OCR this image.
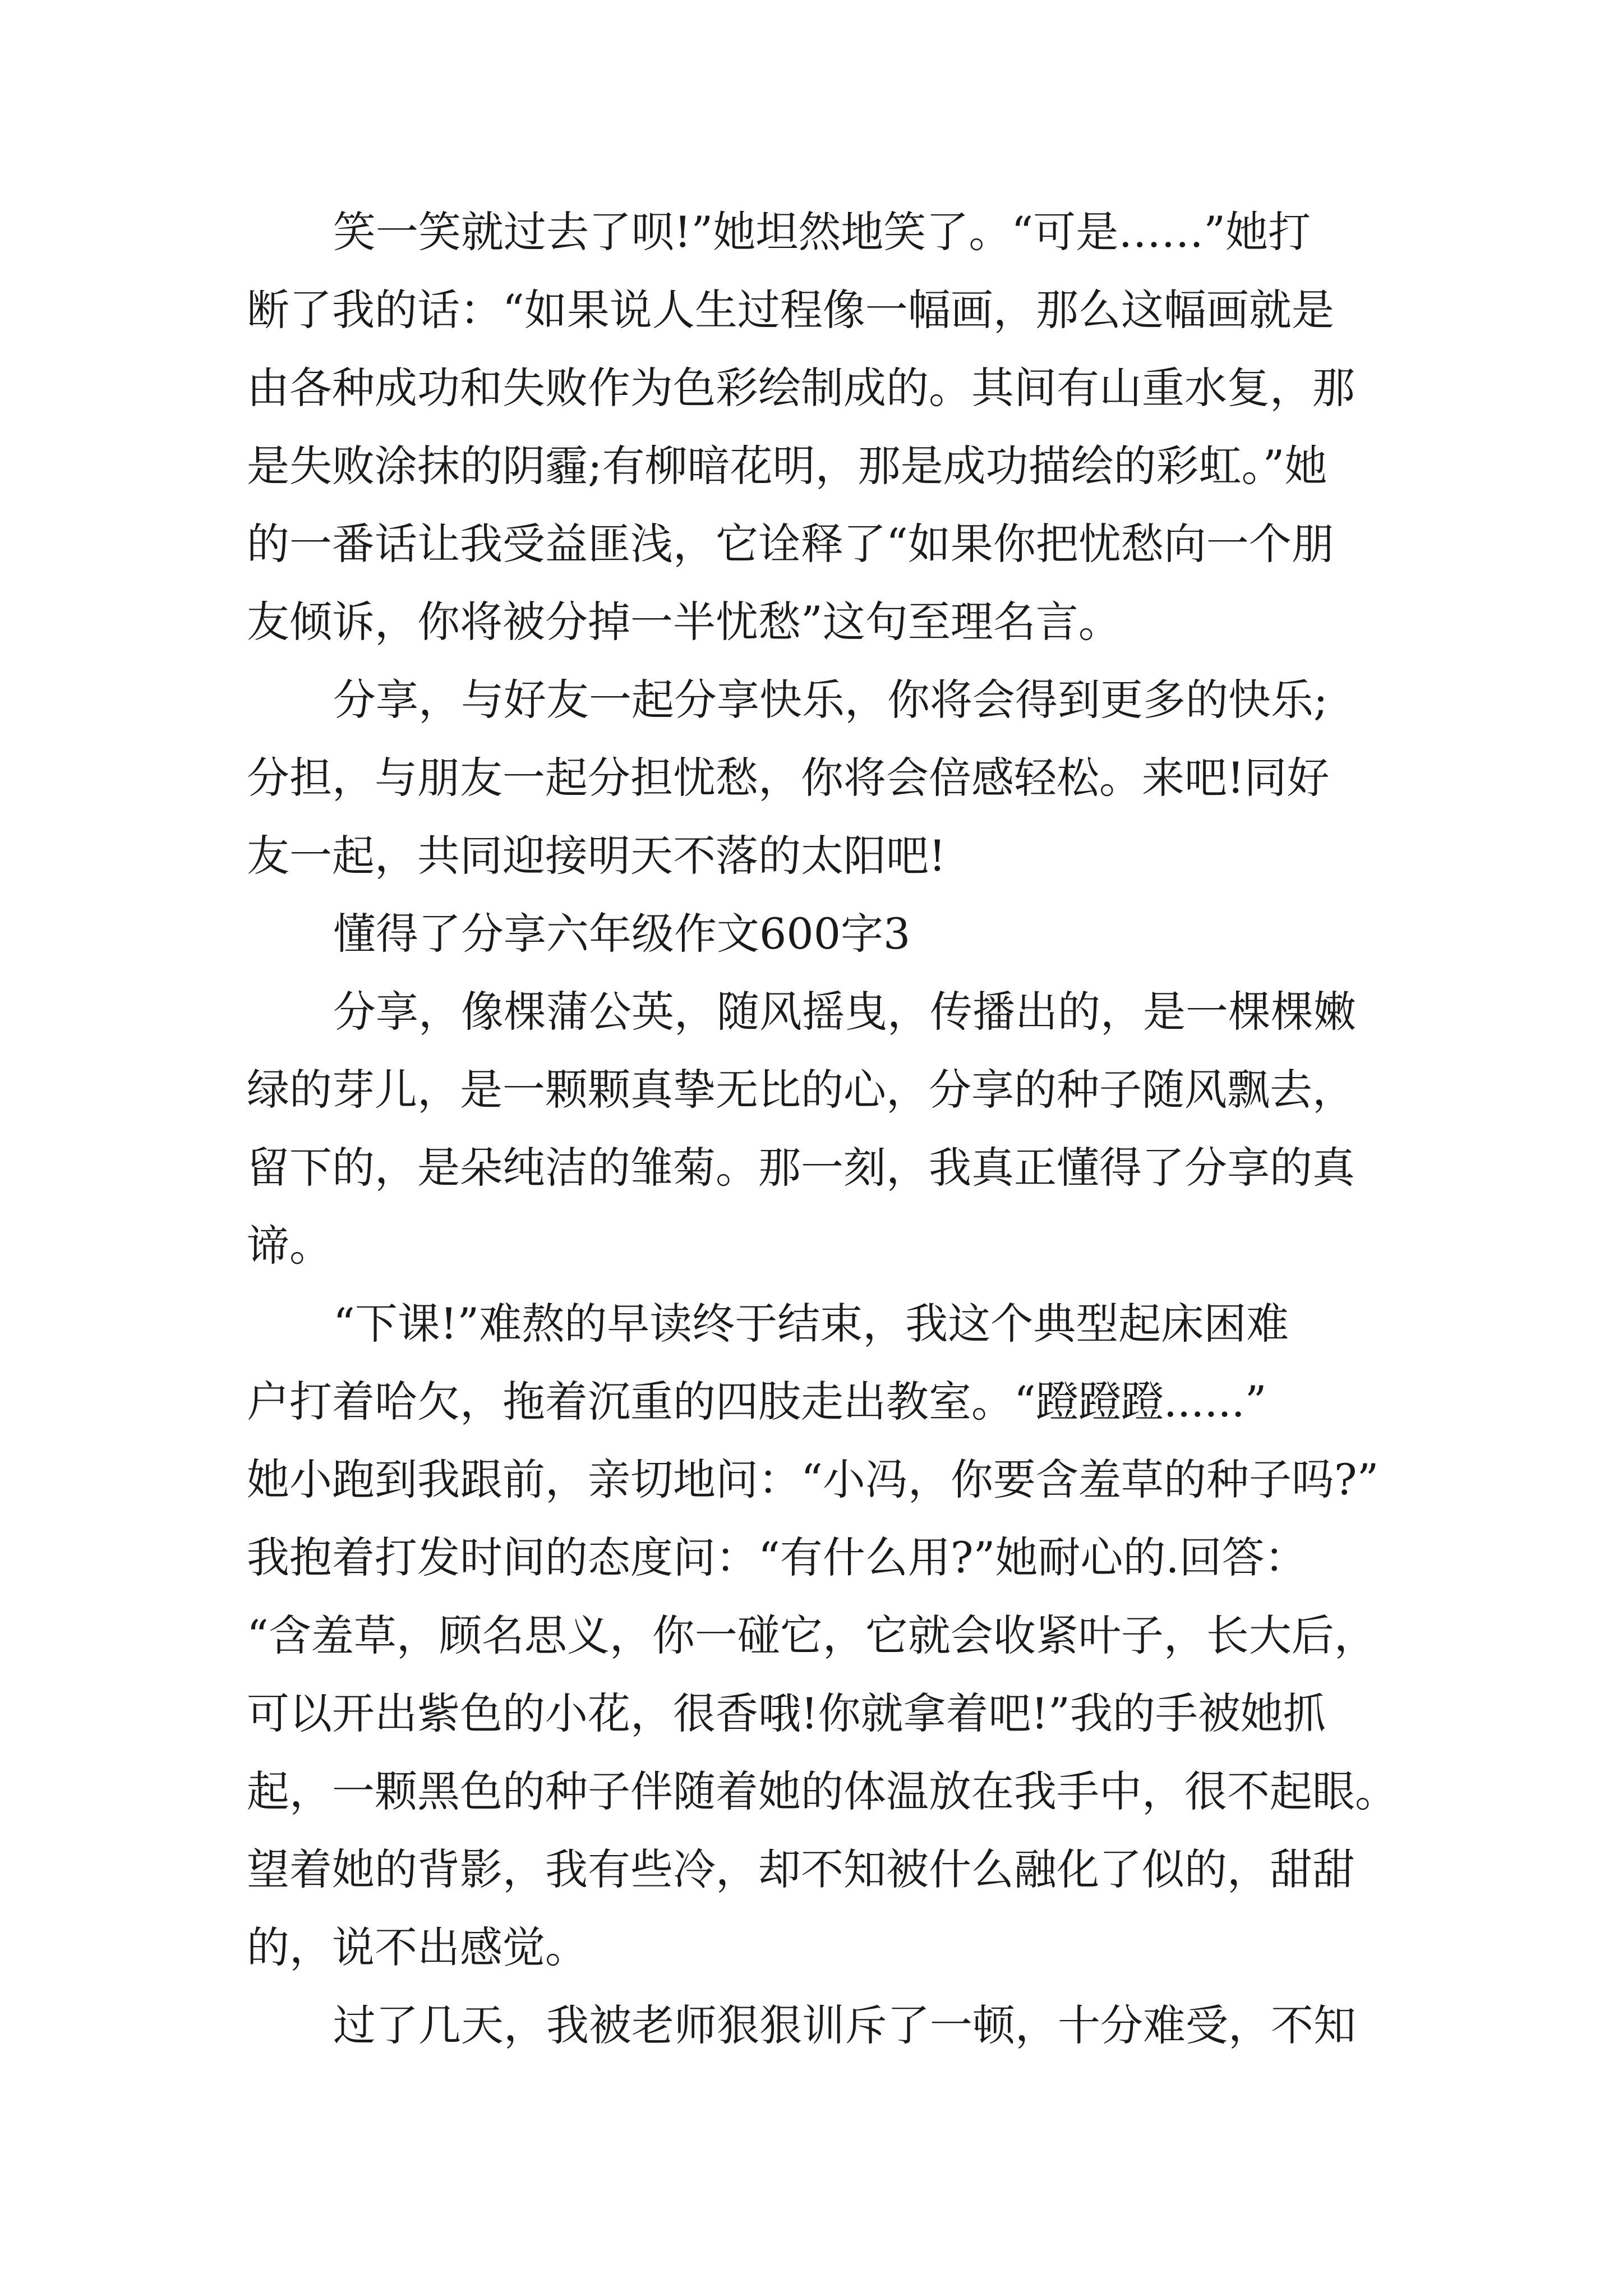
笑一笑就过去了呗!”她坦然地笑了。“可是……”她打
断了我的话：“如果说人生过程像一幅画，那么这幅画就是
由各种成功和失败作为色彩绘制成的。其间有山重水复，那
是失败涂抹的阴霾;有柳暗花明，那是成功描绘的彩虹。”她
的一番话让我受益匪浅，它诠释了“如果你把忧愁向一个朋
友倾诉，你将被分掉一半忧愁”这句至理名言。
分享，与好友一起分享快乐，你将会得到更多的快乐;
分担，与朋友一起分担忧愁，你将会倍感轻松。来吧!同好
友一起，共同迎接明天不落的太阳吧!
懂得了分享六年级作文600字3
分享，像棵蒲公英，随风摇曳，传播出的，是一棵棵嫩
绿的芽儿，是一颗颗真挚无比的心，分享的种子随风飘去，
留下的，是朵纯洁的雏菊。那一刻，我真正懂得了分享的真
谛。
“下课!”难熬的早读终于结束，我这个典型起床困难
户打着哈欠，拖着沉重的四肢走出教室。“蹬蹬蹬......”
她小跑到我跟前，亲切地问：“小冯，你要含羞草的种子吗?”
我抱着打发时间的态度问：“有什么用?”她耐心的.回答：
“含羞草，顾名思义，你一碰它，它就会收紧叶子，长大后，
可以开出紫色的小花，很香哦!你就拿着吧!”我的手被她抓
起，一颗黑色的种子伴随着她的体温放在我手中，很不起眼。
望着她的背影，我有些冷，却不知被什么融化了似的，甜甜
的，说不出感觉。
过了几天，我被老师狠狠训斥了一顿，十分难受，不知
